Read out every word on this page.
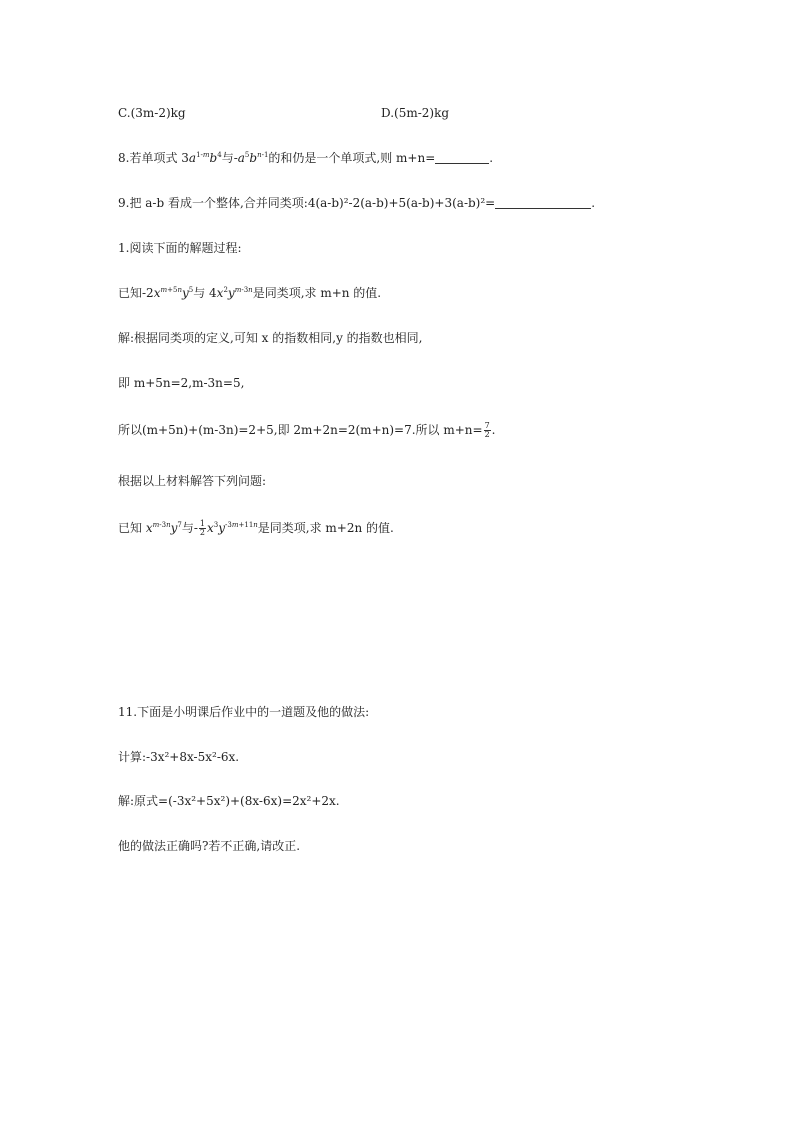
C.(3m-2)kg	D.(5m-2)kg
8.若单项式 $3a^{1-m}b^4$与$-a^5b^{n-1}$的和仍是一个单项式,则 m+n=	.
9.把 a-b 看成一个整体,合并同类项:4(a-b)²-2(a-b)+5(a-b)+3(a-b)²=	.
1.阅读下面的解题过程:
已知$-2x^{m+5n}y^5$与 $4x^2y^{m-3n}$是同类项,求 m+n 的值.
解:根据同类项的定义,可知 x 的指数相同,y 的指数也相同,
即 m+5n=2,m-3n=5,
所以(m+5n)+(m-3n)=2+5,即 2m+2n=2(m+n)=7.所以 $m+n= \frac{7}{2}$ .
根据以上材料解答下列问题:
已知 $x^{m-3n}y^7$与- $\frac{1}{2} x^3y^{-3m+11n}$是同类项,求 m+2n 的值.
11.下面是小明课后作业中的一道题及他的做法:
计算:-3x²+8x-5x²-6x.
解:原式=(-3x²+5x²)+(8x-6x)=2x²+2x.
他的做法正确吗?若不正确,请改正.
